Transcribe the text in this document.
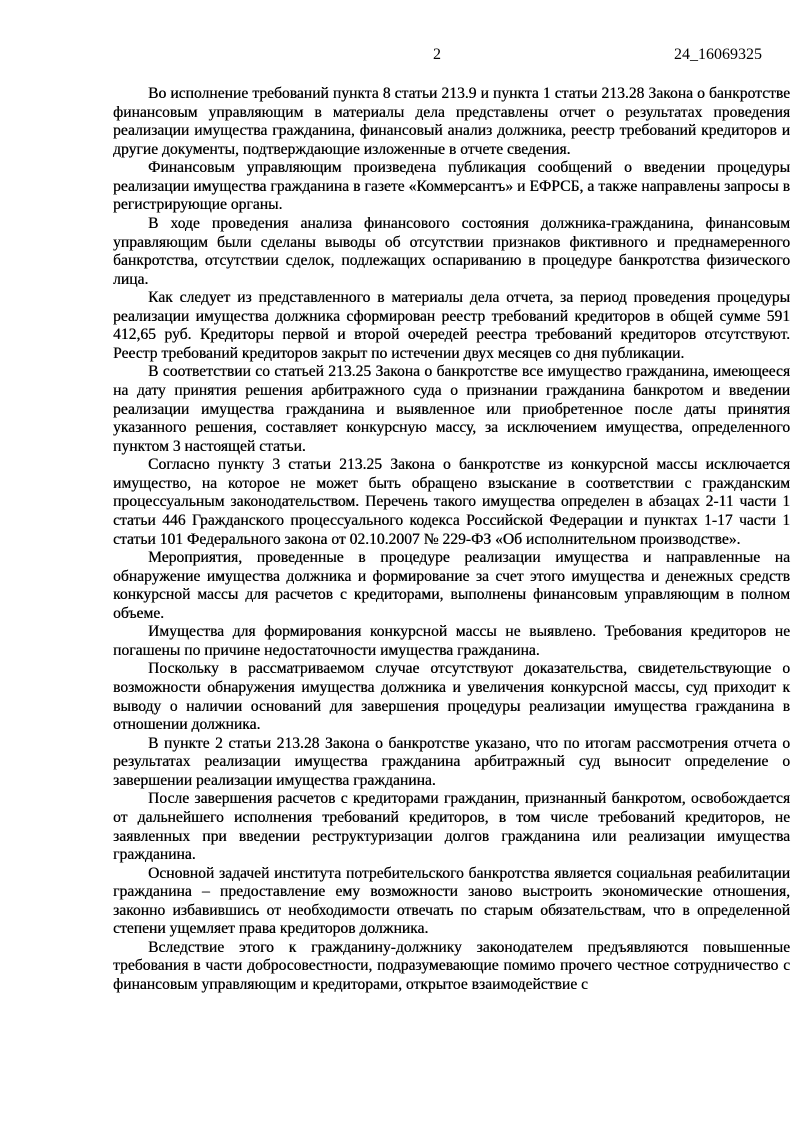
2	24_16069325

Во исполнение требований пункта 8 статьи 213.9 и пункта 1 статьи 213.28 Закона о банкротстве финансовым управляющим в материалы дела представлены отчет о результатах проведения реализации имущества гражданина, финансовый анализ должника, реестр требований кредиторов и другие документы, подтверждающие изложенные в отчете сведения.

Финансовым управляющим произведена публикация сообщений о введении процедуры реализации имущества гражданина в газете «Коммерсантъ» и ЕФРСБ, а также направлены запросы в регистрирующие органы.

В ходе проведения анализа финансового состояния должника-гражданина, финансовым управляющим были сделаны выводы об отсутствии признаков фиктивного и преднамеренного банкротства, отсутствии сделок, подлежащих оспариванию в процедуре банкротства физического лица.

Как следует из представленного в материалы дела отчета, за период проведения процедуры реализации имущества должника сформирован реестр требований кредиторов в общей сумме 591 412,65 руб. Кредиторы первой и второй очередей реестра требований кредиторов отсутствуют. Реестр требований кредиторов закрыт по истечении двух месяцев со дня публикации.

В соответствии со статьей 213.25 Закона о банкротстве все имущество гражданина, имеющееся на дату принятия решения арбитражного суда о признании гражданина банкротом и введении реализации имущества гражданина и выявленное или приобретенное после даты принятия указанного решения, составляет конкурсную массу, за исключением имущества, определенного пунктом 3 настоящей статьи.

Согласно пункту 3 статьи 213.25 Закона о банкротстве из конкурсной массы исключается имущество, на которое не может быть обращено взыскание в соответствии с гражданским процессуальным законодательством. Перечень такого имущества определен в абзацах 2-11 части 1 статьи 446 Гражданского процессуального кодекса Российской Федерации и пунктах 1-17 части 1 статьи 101 Федерального закона от 02.10.2007 № 229-ФЗ «Об исполнительном производстве».

Мероприятия, проведенные в процедуре реализации имущества и направленные на обнаружение имущества должника и формирование за счет этого имущества и денежных средств конкурсной массы для расчетов с кредиторами, выполнены финансовым управляющим в полном объеме.

Имущества для формирования конкурсной массы не выявлено. Требования кредиторов не погашены по причине недостаточности имущества гражданина.

Поскольку в рассматриваемом случае отсутствуют доказательства, свидетельствующие о возможности обнаружения имущества должника и увеличения конкурсной массы, суд приходит к выводу о наличии оснований для завершения процедуры реализации имущества гражданина в отношении должника.

В пункте 2 статьи 213.28 Закона о банкротстве указано, что по итогам рассмотрения отчета о результатах реализации имущества гражданина арбитражный суд выносит определение о завершении реализации имущества гражданина.

После завершения расчетов с кредиторами гражданин, признанный банкротом, освобождается от дальнейшего исполнения требований кредиторов, в том числе требований кредиторов, не заявленных при введении реструктуризации долгов гражданина или реализации имущества гражданина.

Основной задачей института потребительского банкротства является социальная реабилитации гражданина – предоставление ему возможности заново выстроить экономические отношения, законно избавившись от необходимости отвечать по старым обязательствам, что в определенной степени ущемляет права кредиторов должника.

Вследствие этого к гражданину-должнику законодателем предъявляются повышенные требования в части добросовестности, подразумевающие помимо прочего честное сотрудничество с финансовым управляющим и кредиторами, открытое взаимодействие с
